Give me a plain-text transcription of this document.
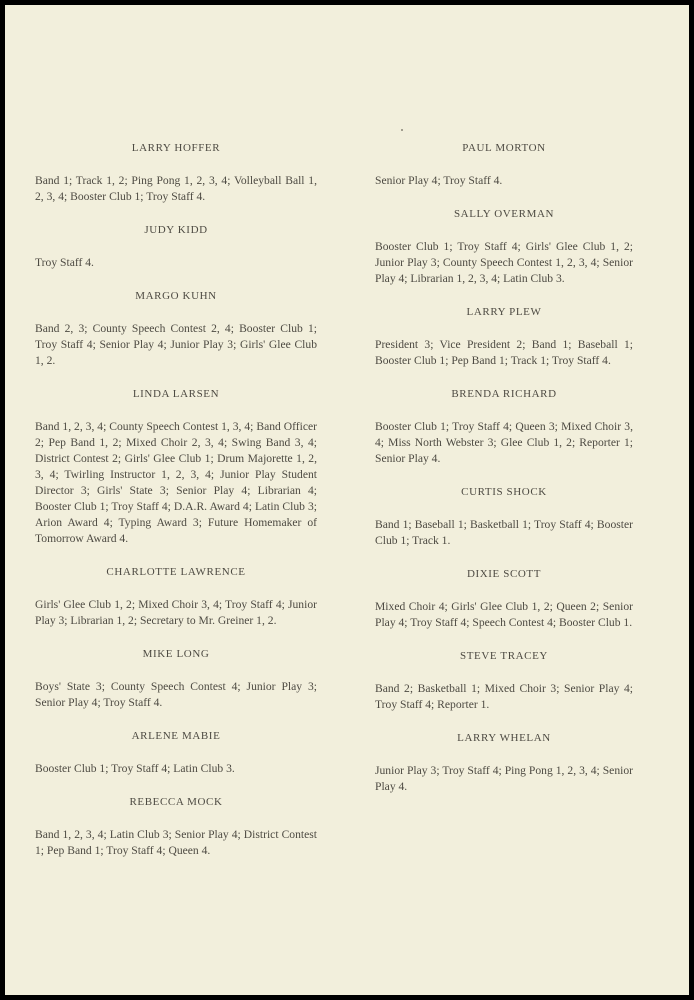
LARRY HOFFER
Band 1; Track 1, 2; Ping Pong 1, 2, 3, 4; Volleyball Ball 1, 2, 3, 4; Booster Club 1; Troy Staff 4.
JUDY KIDD
Troy Staff 4.
MARGO KUHN
Band 2, 3; County Speech Contest 2, 4; Booster Club 1; Troy Staff 4; Senior Play 4; Junior Play 3; Girls' Glee Club 1, 2.
LINDA LARSEN
Band 1, 2, 3, 4; County Speech Contest 1, 3, 4; Band Officer 2; Pep Band 1, 2; Mixed Choir 2, 3, 4; Swing Band 3, 4; District Contest 2; Girls' Glee Club 1; Drum Majorette 1, 2, 3, 4; Twirling Instructor 1, 2, 3, 4; Junior Play Student Director 3; Girls' State 3; Senior Play 4; Librarian 4; Booster Club 1; Troy Staff 4; D.A.R. Award 4; Latin Club 3; Arion Award 4; Typing Award 3; Future Homemaker of Tomorrow Award 4.
CHARLOTTE LAWRENCE
Girls' Glee Club 1, 2; Mixed Choir 3, 4; Troy Staff 4; Junior Play 3; Librarian 1, 2; Secretary to Mr. Greiner 1, 2.
MIKE LONG
Boys' State 3; County Speech Contest 4; Junior Play 3; Senior Play 4; Troy Staff 4.
ARLENE MABIE
Booster Club 1; Troy Staff 4; Latin Club 3.
REBECCA MOCK
Band 1, 2, 3, 4; Latin Club 3; Senior Play 4; District Contest 1; Pep Band 1; Troy Staff 4; Queen 4.
PAUL MORTON
Senior Play 4; Troy Staff 4.
SALLY OVERMAN
Booster Club 1; Troy Staff 4; Girls' Glee Club 1, 2; Junior Play 3; County Speech Contest 1, 2, 3, 4; Senior Play 4; Librarian 1, 2, 3, 4; Latin Club 3.
LARRY PLEW
President 3; Vice President 2; Band 1; Baseball 1; Booster Club 1; Pep Band 1; Track 1; Troy Staff 4.
BRENDA RICHARD
Booster Club 1; Troy Staff 4; Queen 3; Mixed Choir 3, 4; Miss North Webster 3; Glee Club 1, 2; Reporter 1; Senior Play 4.
CURTIS SHOCK
Band 1; Baseball 1; Basketball 1; Troy Staff 4; Booster Club 1; Track 1.
DIXIE SCOTT
Mixed Choir 4; Girls' Glee Club 1, 2; Queen 2; Senior Play 4; Troy Staff 4; Speech Contest 4; Booster Club 1.
STEVE TRACEY
Band 2; Basketball 1; Mixed Choir 3; Senior Play 4; Troy Staff 4; Reporter 1.
LARRY WHELAN
Junior Play 3; Troy Staff 4; Ping Pong 1, 2, 3, 4; Senior Play 4.
